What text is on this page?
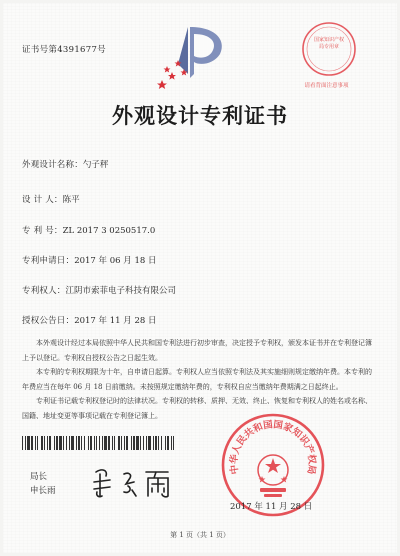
证书号第4391677号
国家知识产权局专用章
请看背面注意事项
外观设计专利证书
外观设计名称：勺子秤
设 计 人：陈平
专 利 号：ZL 2017 3 0250517.0
专利申请日：2017 年 06 月 18 日
专利权人：江阴市索菲电子科技有限公司
授权公告日：2017 年 11 月 28 日

本外观设计经过本局依照中华人民共和国专利法进行初步审查，决定授予专利权，颁发本证书并在专利登记簿上予以登记。专利权自授权公告之日起生效。

本专利的专利权期限为十年，自申请日起算。专利权人应当依照专利法及其实施细则规定缴纳年费。本专利的年费应当在每年 06 月 18 日前缴纳。未按照规定缴纳年费的，专利权自应当缴纳年费期满之日起终止。

专利证书记载专利权登记时的法律状况。专利权的转移、质押、无效、终止、恢复和专利权人的姓名或名称、国籍、地址变更等事项记载在专利登记簿上。

局长
申长雨
中华人民共和国国家知识产权局
2017 年 11 月 28 日
第 1 页（共 1 页）
